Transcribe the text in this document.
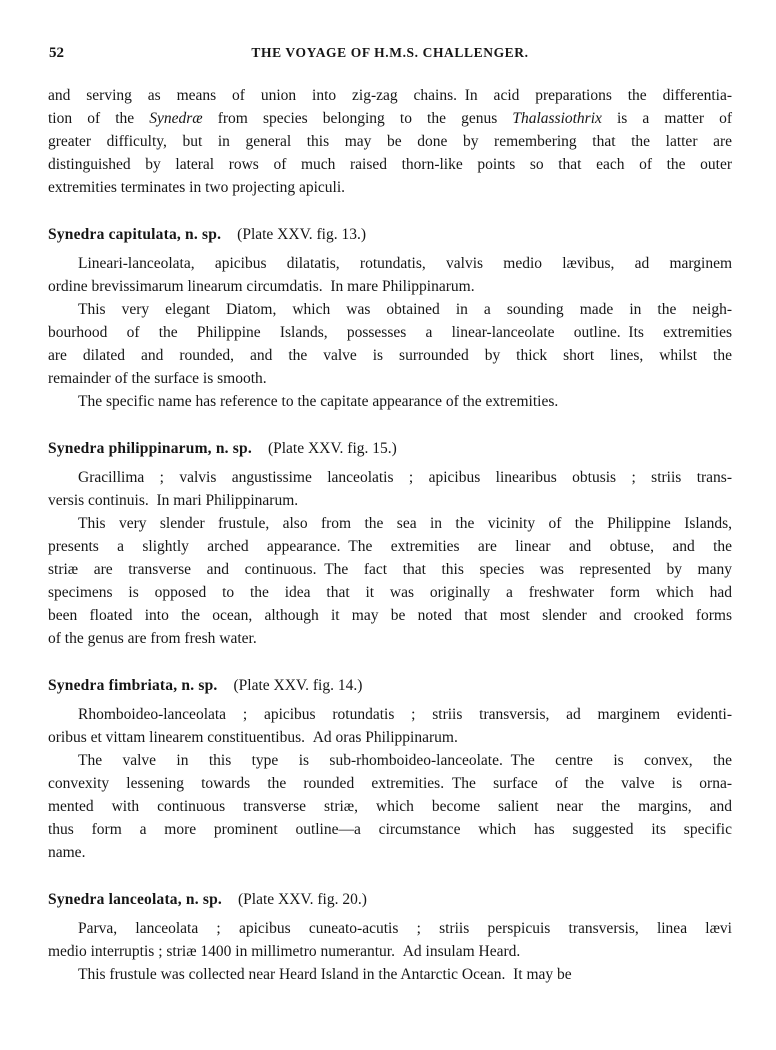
52	THE VOYAGE OF H.M.S. CHALLENGER.
and serving as means of union into zig-zag chains. In acid preparations the differentia-
tion of the Synedræ from species belonging to the genus Thalassiothrix is a matter of
greater difficulty, but in general this may be done by remembering that the latter are
distinguished by lateral rows of much raised thorn-like points so that each of the outer
extremities terminates in two projecting apiculi.
Synedra capitulata, n. sp. (Plate XXV. fig. 13.)
Lineari-lanceolata, apicibus dilatatis, rotundatis, valvis medio lævibus, ad marginem
ordine brevissimarum linearum circumdatis. In mare Philippinarum.
This very elegant Diatom, which was obtained in a sounding made in the neigh-
bourhood of the Philippine Islands, possesses a linear-lanceolate outline. Its extremities
are dilated and rounded, and the valve is surrounded by thick short lines, whilst the
remainder of the surface is smooth.
The specific name has reference to the capitate appearance of the extremities.
Synedra philippinarum, n. sp. (Plate XXV. fig. 15.)
Gracillima ; valvis angustissime lanceolatis ; apicibus linearibus obtusis ; striis trans-
versis continuis. In mari Philippinarum.
This very slender frustule, also from the sea in the vicinity of the Philippine Islands,
presents a slightly arched appearance. The extremities are linear and obtuse, and the
striæ are transverse and continuous. The fact that this species was represented by many
specimens is opposed to the idea that it was originally a freshwater form which had
been floated into the ocean, although it may be noted that most slender and crooked forms
of the genus are from fresh water.
Synedra fimbriata, n. sp. (Plate XXV. fig. 14.)
Rhomboideo-lanceolata ; apicibus rotundatis ; striis transversis, ad marginem evidenti-
oribus et vittam linearem constituentibus. Ad oras Philippinarum.
The valve in this type is sub-rhomboideo-lanceolate. The centre is convex, the
convexity lessening towards the rounded extremities. The surface of the valve is orna-
mented with continuous transverse striæ, which become salient near the margins, and
thus form a more prominent outline—a circumstance which has suggested its specific
name.
Synedra lanceolata, n. sp. (Plate XXV. fig. 20.)
Parva, lanceolata ; apicibus cuneato-acutis ; striis perspicuis transversis, linea lævi
medio interruptis ; striæ 1400 in millimetro numerantur. Ad insulam Heard.
This frustule was collected near Heard Island in the Antarctic Ocean. It may be
